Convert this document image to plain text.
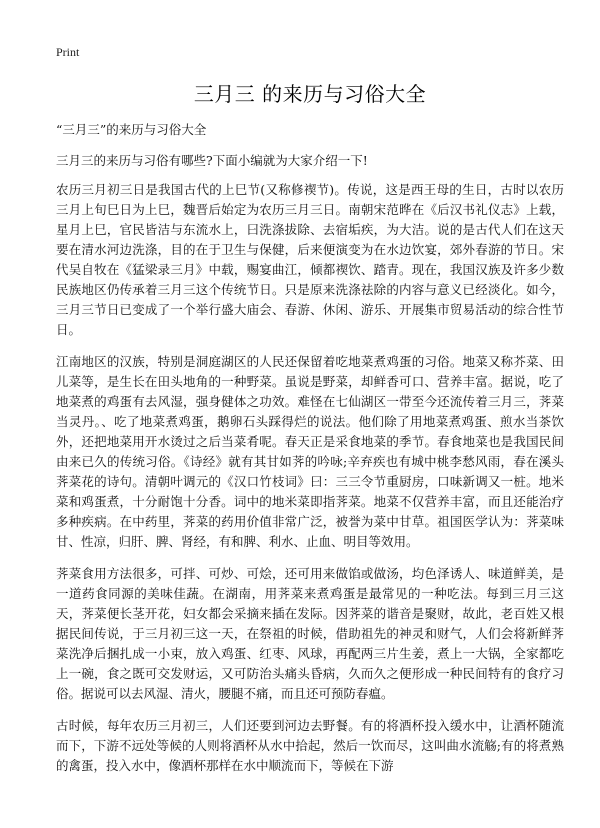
Print
三月三 的来历与习俗大全

“三月三”的来历与习俗大全

三月三的来历与习俗有哪些?下面小编就为大家介绍一下!

农历三月初三日是我国古代的上巳节(又称修禊节)。传说，这是西王母的生日，古时以农历三月上旬巳日为上巳，魏晋后始定为农历三月三日。南朝宋范晔在《后汉书礼仪志》上载，星月上巳，官民皆洁与东流水上，曰洗涤拔除、去宿垢疾，为大洁。说的是古代人们在这天要在清水河边洗涤，目的在于卫生与保健，后来便演变为在水边饮宴，郊外春游的节日。宋代吴自牧在《猛梁录三月》中载，赐宴曲江，倾都禊饮、踏青。现在，我国汉族及许多少数民族地区仍传承着三月三这个传统节日。只是原来洗涤祛除的内容与意义已经淡化。如今，三月三节日已变成了一个举行盛大庙会、春游、休闲、游乐、开展集市贸易活动的综合性节日。

江南地区的汉族，特别是洞庭湖区的人民还保留着吃地菜煮鸡蛋的习俗。地菜又称芥菜、田儿菜等，是生长在田头地角的一种野菜。虽说是野菜，却鲜香可口、营养丰富。据说，吃了地菜煮的鸡蛋有去风湿，强身健体之功效。难怪在七仙湖区一带至今还流传着三月三，荠菜当灵丹。、吃了地菜煮鸡蛋，鹅卵石头踩得烂的说法。他们除了用地菜煮鸡蛋、煎水当茶饮外，还把地菜用开水烫过之后当菜肴呢。春天正是采食地菜的季节。春食地菜也是我国民间由来已久的传统习俗。《诗经》就有其甘如荠的吟咏;辛弃疾也有城中桃李愁风雨，春在溪头荠菜花的诗句。清朝叶调元的《汉口竹枝词》曰：三三令节重厨房，口味新调又一桩。地米菜和鸡蛋煮，十分耐饱十分香。词中的地米菜即指荠菜。地菜不仅营养丰富，而且还能治疗多种疾病。在中药里，荠菜的药用价值非常广泛，被誉为菜中甘草。祖国医学认为：荠菜味甘、性凉，归肝、脾、肾经，有和脾、利水、止血、明目等效用。

荠菜食用方法很多，可拌、可炒、可烩，还可用来做馅或做汤，均色泽诱人、味道鲜美，是一道药食同源的美味佳蔬。在湖南，用荠菜来煮鸡蛋是最常见的一种吃法。每到三月三这天，荠菜便长茎开花，妇女都会采摘来插在发际。因荠菜的谐音是聚财，故此，老百姓又根据民间传说，于三月初三这一天，在祭祖的时候，借助祖先的神灵和财气，人们会将新鲜荠菜洗净后捆扎成一小束，放入鸡蛋、红枣、风球，再配两三片生姜，煮上一大锅，全家都吃上一碗，食之既可交发财运，又可防治头痛头昏病，久而久之便形成一种民间特有的食疗习俗。据说可以去风湿、清火，腰腿不痛，而且还可预防春瘟。

古时候，每年农历三月初三，人们还要到河边去野餐。有的将酒杯投入缓水中，让酒杯随流而下，下游不远处等候的人则将酒杯从水中拾起，然后一饮而尽，这叫曲水流觞;有的将煮熟的禽蛋，投入水中，像酒杯那样在水中顺流而下，等候在下游
